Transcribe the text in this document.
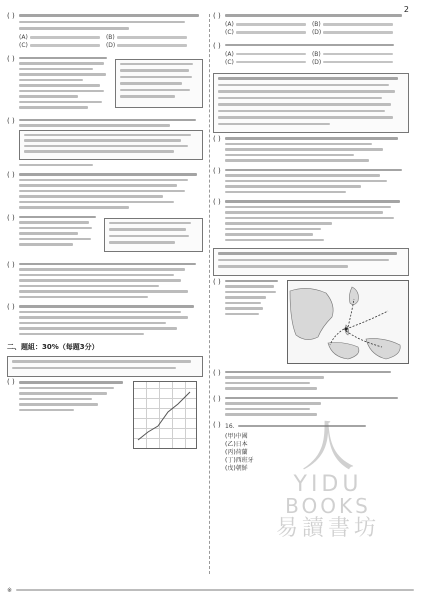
2
( )
(A)	(B)
(C)	(D)
( )
( )
( )
( )
( )
( )
二、題組：30%（每題3分）
( )
( )
(A)	(B)
(C)	(D)
( )
(A)	(B)
(C)	(D)
( )
( )
( )
( )
( )
( )
( ) 16.
(甲)中國
(乙)日本
(丙)荷蘭
(丁)西班牙
(戊)朝鮮 人
YIDU
BOOKS
易讀書坊
※
